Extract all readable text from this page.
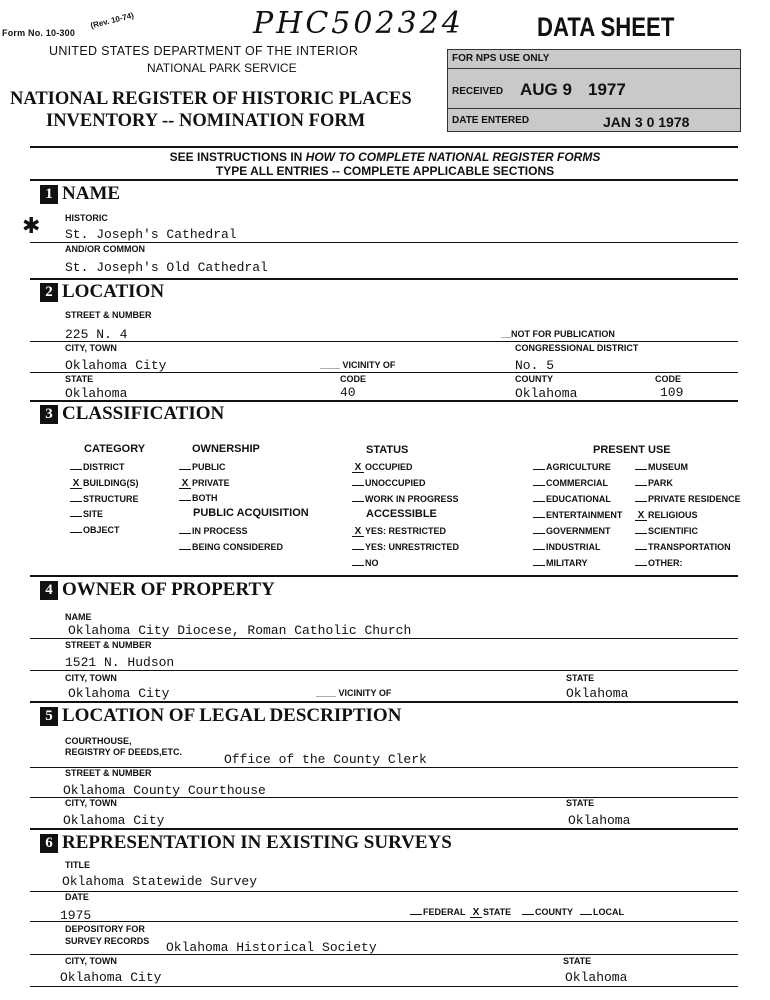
Form No. 10-300
(Rev. 10-74)	PHC502324	DATA SHEET
UNITED STATES DEPARTMENT OF THE INTERIOR
NATIONAL PARK SERVICE
NATIONAL REGISTER OF HISTORIC PLACES
INVENTORY -- NOMINATION FORM
FOR NPS USE ONLY
RECEIVED AUG 9 1977
DATE ENTERED	JAN 3 0 1978
SEE INSTRUCTIONS IN HOW TO COMPLETE NATIONAL REGISTER FORMS
TYPE ALL ENTRIES -- COMPLETE APPLICABLE SECTIONS
1 NAME
✱	HISTORIC
St. Joseph's Cathedral
AND/OR COMMON
St. Joseph's Old Cathedral
2 LOCATION
STREET & NUMBER
225 N. 4	__NOT FOR PUBLICATION
CITY, TOWN	CONGRESSIONAL DISTRICT
Oklahoma City	____ VICINITY OF	No. 5
STATE	CODE	COUNTY	CODE
Oklahoma	40	Oklahoma	109
3 CLASSIFICATION
CATEGORY
DISTRICT
X BUILDING(S)
STRUCTURE
SITE
OBJECT
OWNERSHIP
PUBLIC
X PRIVATE
BOTH
PUBLIC ACQUISITION
IN PROCESS
BEING CONSIDERED
STATUS
X OCCUPIED
UNOCCUPIED
WORK IN PROGRESS
ACCESSIBLE
X YES: RESTRICTED
YES: UNRESTRICTED
NO
PRESENT USE
AGRICULTURE
COMMERCIAL
EDUCATIONAL
ENTERTAINMENT
GOVERNMENT
INDUSTRIAL
MILITARY
MUSEUM
PARK
PRIVATE RESIDENCE
X RELIGIOUS
SCIENTIFIC
TRANSPORTATION
OTHER:
4 OWNER OF PROPERTY
NAME
Oklahoma City Diocese, Roman Catholic Church
STREET & NUMBER
1521 N. Hudson
CITY, TOWN	STATE
Oklahoma City	____ VICINITY OF	Oklahoma
5 LOCATION OF LEGAL DESCRIPTION
COURTHOUSE,
REGISTRY OF DEEDS,ETC.	Office of the County Clerk
STREET & NUMBER
Oklahoma County Courthouse
CITY, TOWN	STATE
Oklahoma City	Oklahoma
6 REPRESENTATION IN EXISTING SURVEYS
TITLE
Oklahoma Statewide Survey
DATE
1975	FEDERAL X STATE	COUNTY	LOCAL
DEPOSITORY FOR
SURVEY RECORDS Oklahoma Historical Society
CITY, TOWN	STATE
Oklahoma City	Oklahoma
